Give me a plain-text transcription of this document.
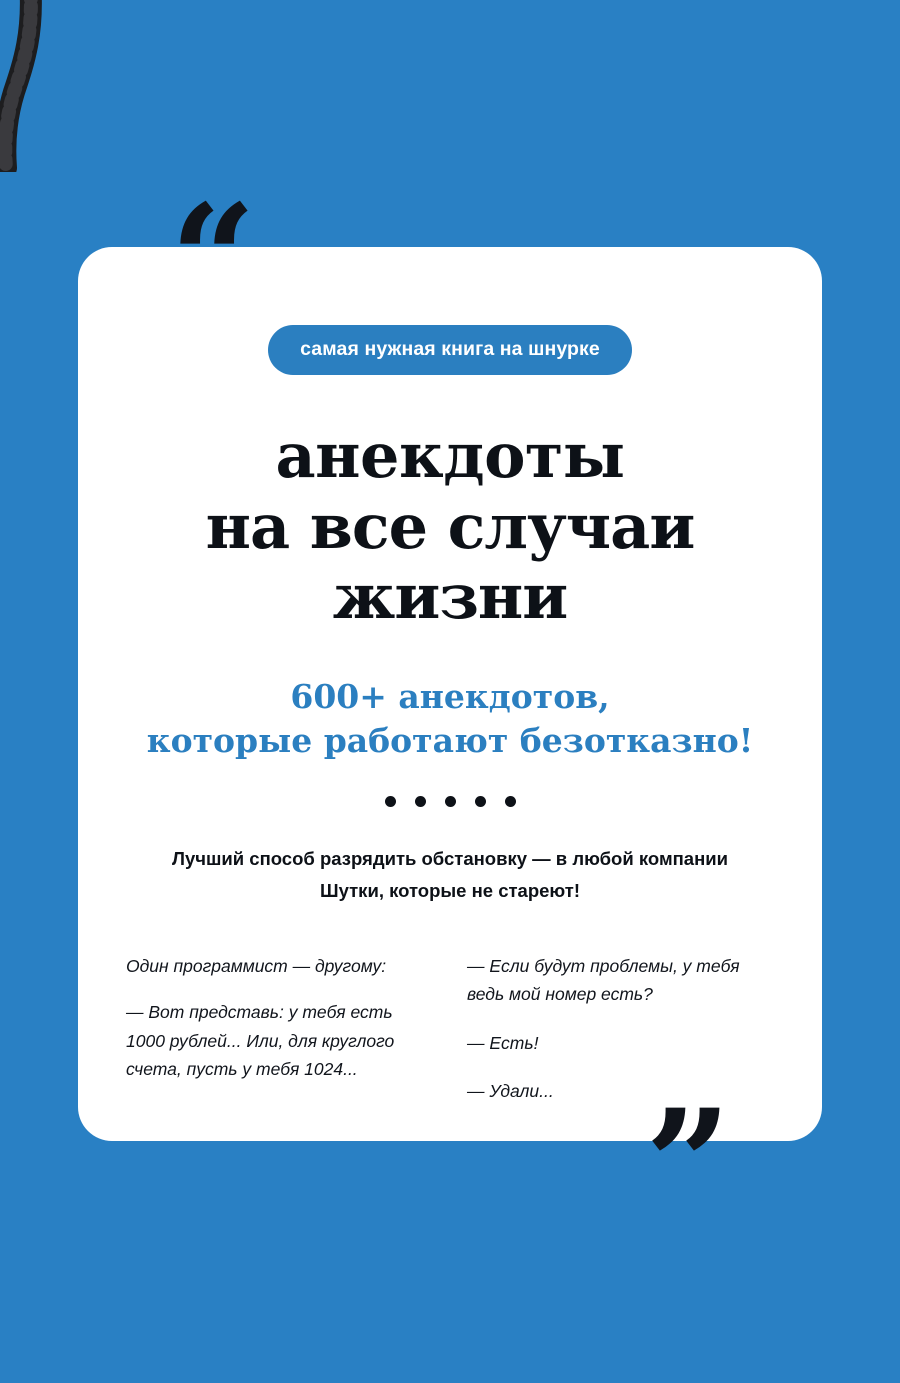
самая нужная книга на шнурке
анекдоты
на все случаи жизни
600+ анекдотов,
которые работают безотказно!
Лучший способ разрядить обстановку — в любой компании
Шутки, которые не стареют!

Один программист — другому:

— Вот представь: у тебя есть 1000 рублей... Или, для круглого счета, пусть у тебя 1024...

— Если будут проблемы, у тебя ведь мой номер есть?

— Есть!

— Удали... ”
